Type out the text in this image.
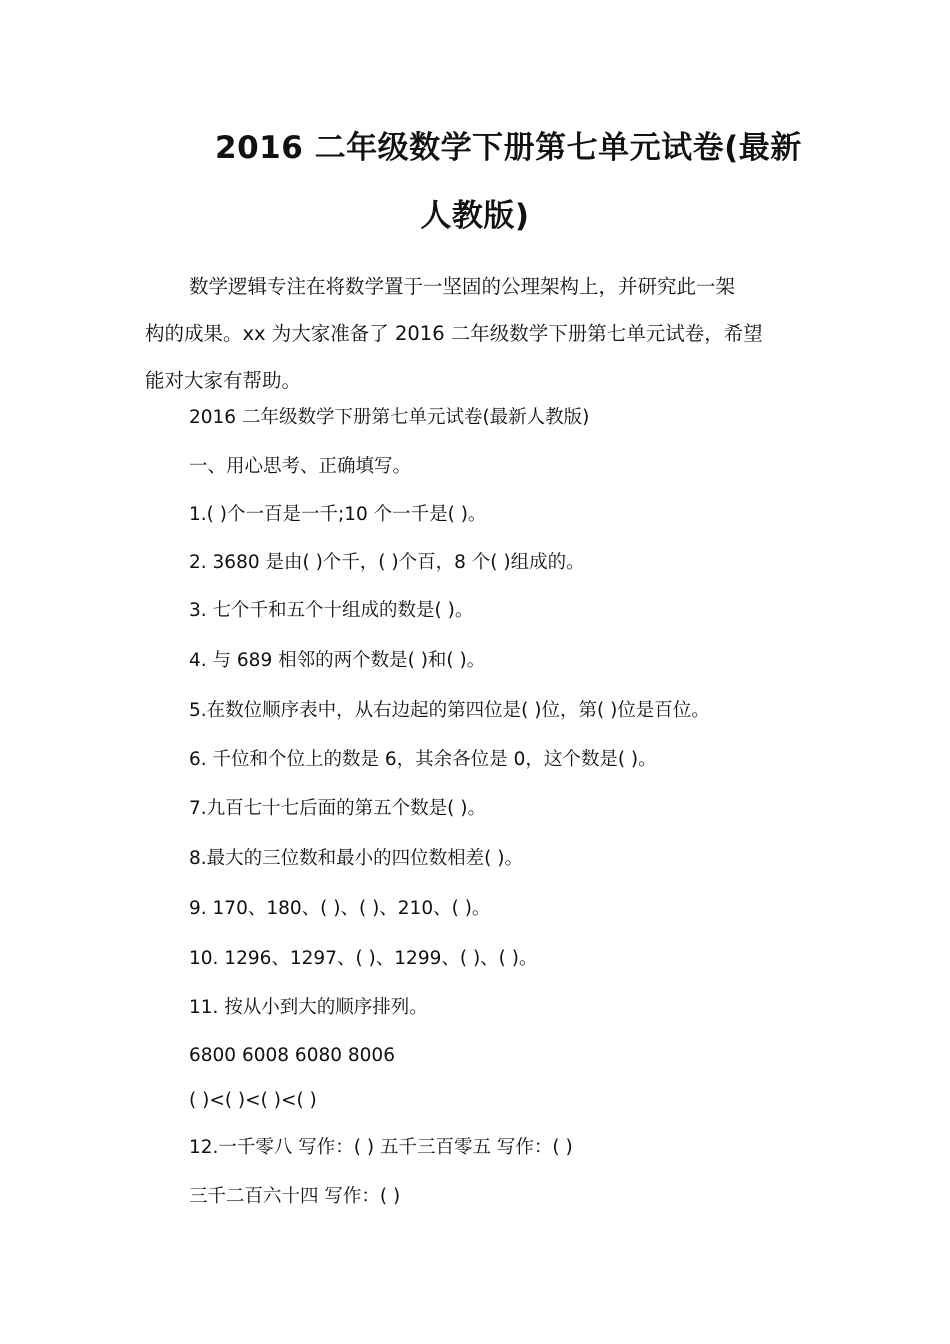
2016 二年级数学下册第七单元试卷(最新
人教版)
数学逻辑专注在将数学置于一坚固的公理架构上，并研究此一架
构的成果。xx 为大家准备了 2016 二年级数学下册第七单元试卷，希望
能对大家有帮助。
2016 二年级数学下册第七单元试卷(最新人教版)
一、用心思考、正确填写。
1.( )个一百是一千;10 个一千是( )。
2. 3680 是由( )个千，( )个百，8 个( )组成的。
3. 七个千和五个十组成的数是( )。
4. 与 689 相邻的两个数是( )和( )。
5.在数位顺序表中，从右边起的第四位是( )位，第( )位是百位。
6. 千位和个位上的数是 6，其余各位是 0，这个数是( )。
7.九百七十七后面的第五个数是( )。
8.最大的三位数和最小的四位数相差( )。
9. 170、180、( )、( )、210、( )。
10. 1296、1297、( )、1299、( )、( )。
11. 按从小到大的顺序排列。
6800 6008 6080 8006
( )<( )<( )<( )
12.一千零八 写作：( ) 五千三百零五 写作：( )
三千二百六十四 写作：( )
